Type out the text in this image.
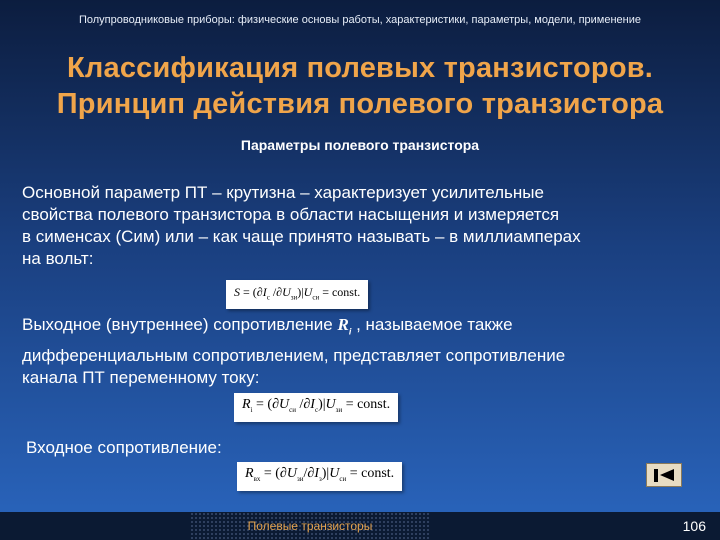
Полупроводниковые приборы: физические основы работы, характеристики, параметры, модели, применение
Классификация полевых транзисторов.
Принцип действия полевого транзистора
Параметры полевого транзистора
Основной параметр ПТ – крутизна – характеризует усилительные
свойства полевого транзистора в области насыщения и измеряется
в сименсах (Сим) или – как чаще принято называть – в миллиамперах
на вольт:
$S = (\partial I_с$ $/\partial U_{зи})|U_{си}$ = const.
Выходное (внутреннее) сопротивление $R_i$ , называемое также
дифференциальным сопротивлением, представляет сопротивление
канала ПТ переменному току:
$R_i = (\partial U_{си}$ $/\partial I_с)|U_{зи}$ = const.
Входное сопротивление:
$R_{вх} = (\partial U_{зи}/\partial I_з)|U_{си}$ = const.
Полевые транзисторы	106
